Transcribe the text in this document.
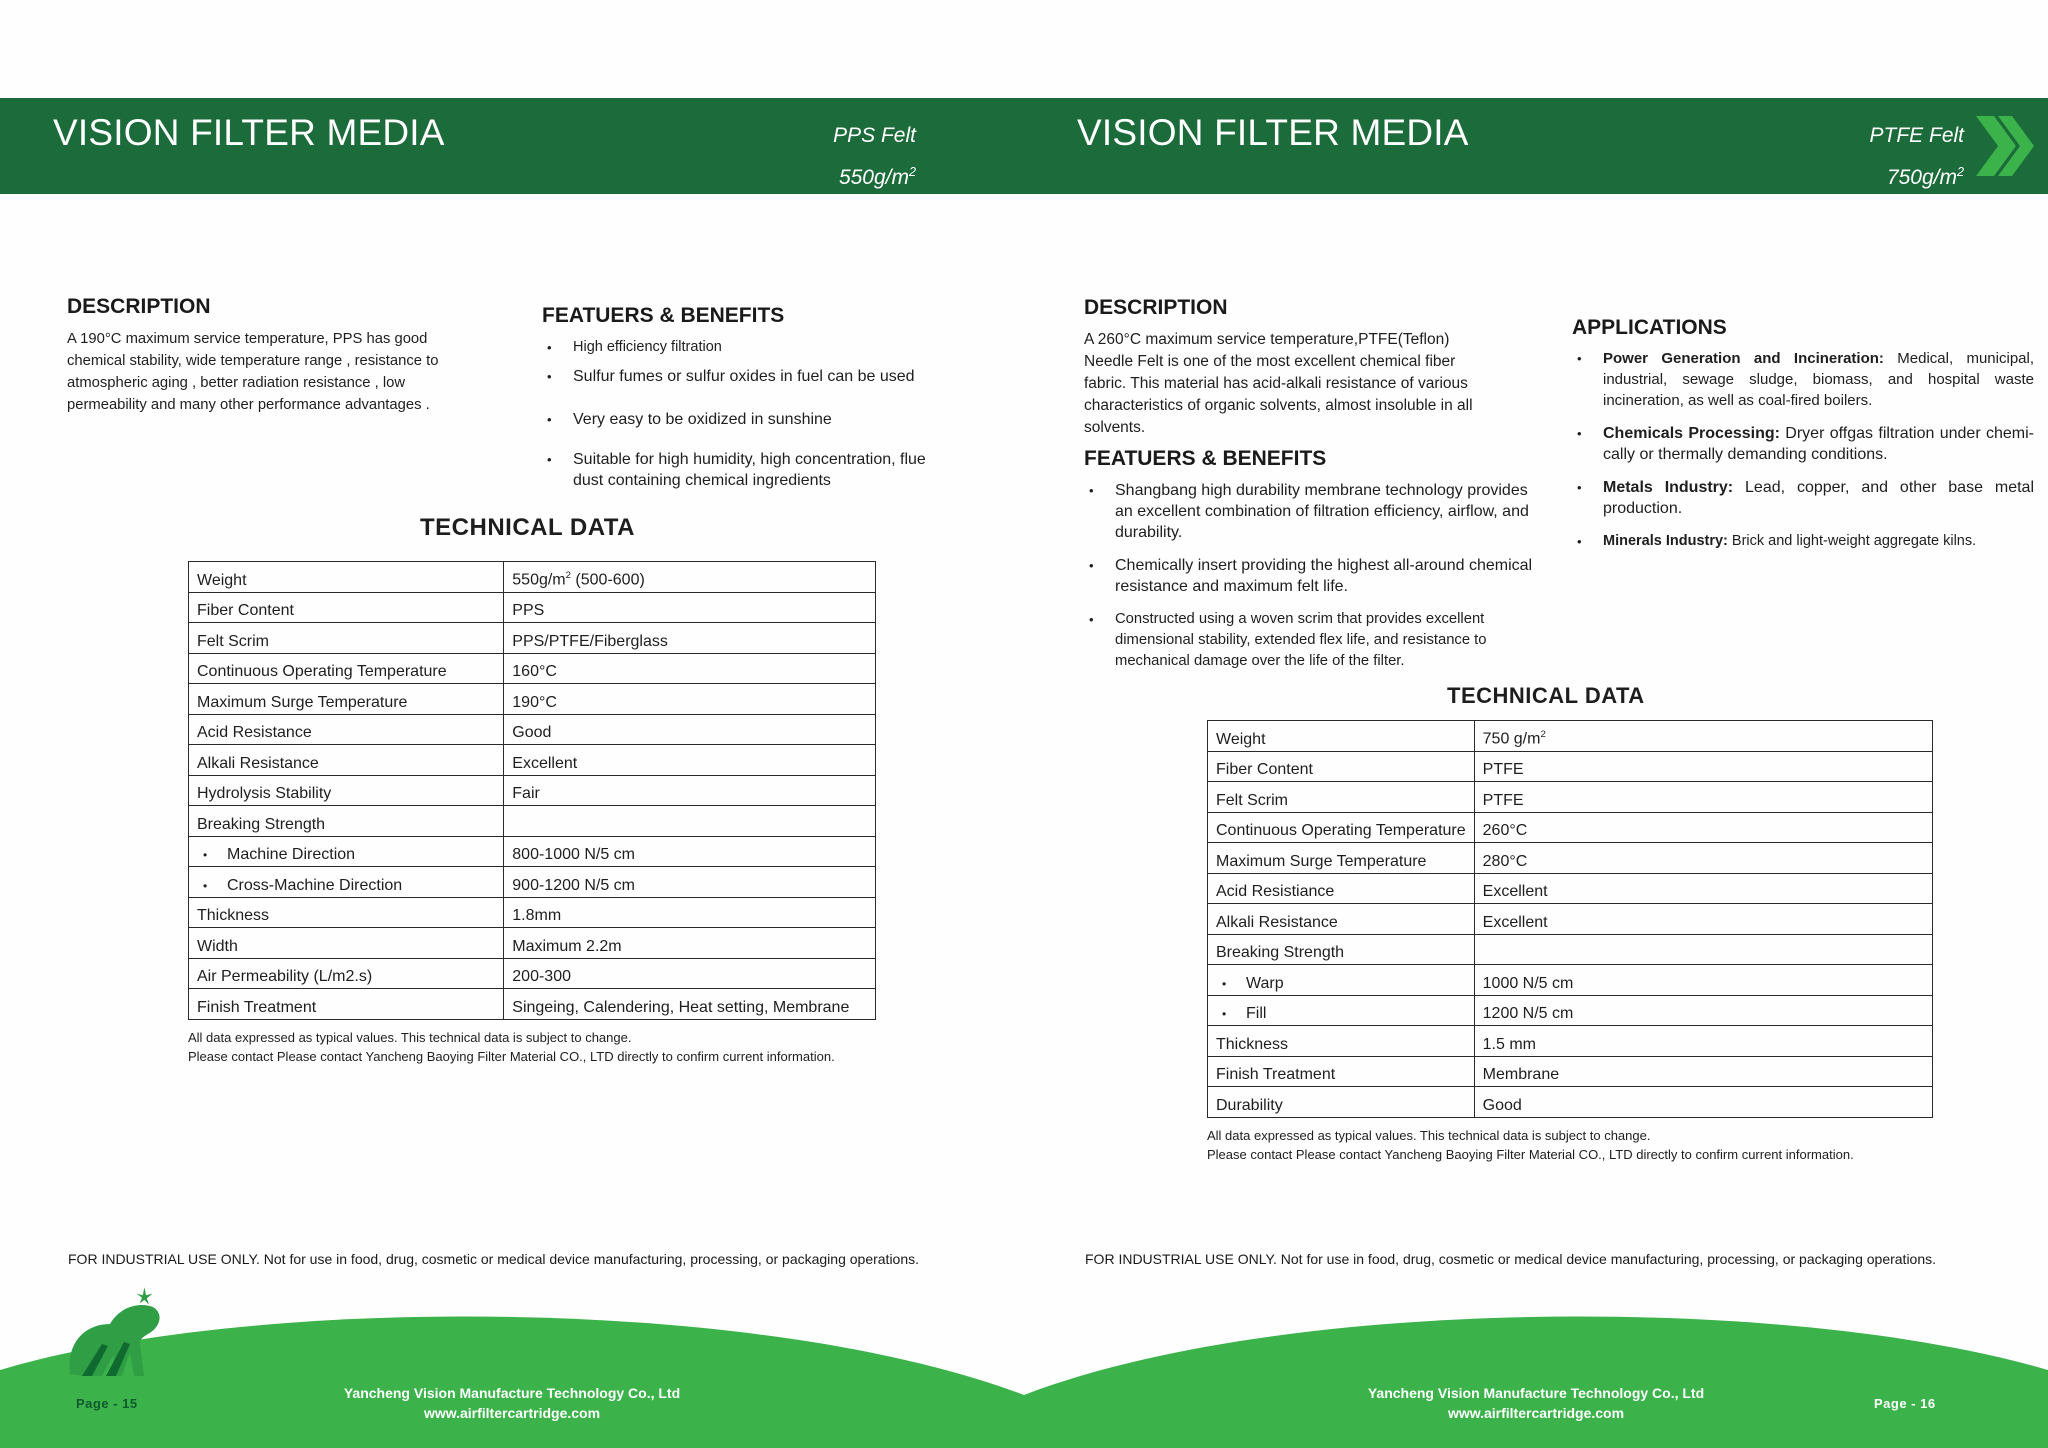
VISION FILTER MEDIA	PPS Felt
$550g/m^2$
DESCRIPTION
A 190°C maximum service temperature, PPS has good
chemical stability, wide temperature range , resistance to
atmospheric aging , better radiation resistance , low
permeability and many other performance advantages .
FEATUERS & BENEFITS
• High efficiency filtration
• Sulfur fumes or sulfur oxides in fuel can be used
• Very easy to be oxidized in sunshine
• Suitable for high humidity, high concentration, flue dust containing chemical ingredients
TECHNICAL DATA
Weight	$550g/m^2$ (500-600)
Fiber Content	PPS
Felt Scrim	PPS/PTFE/Fiberglass
Continuous Operating Temperature	160°C
Maximum Surge Temperature	190°C
Acid Resistance	Good
Alkali Resistance	Excellent
Hydrolysis Stability	Fair
Breaking Strength	
• Machine Direction	800-1000 N/5 cm
• Cross-Machine Direction	900-1200 N/5 cm
Thickness	1.8mm
Width	Maximum 2.2m
Air Permeability (L/m2.s)	200-300
Finish Treatment	Singeing, Calendering, Heat setting, Membrane
All data expressed as typical values. This technical data is subject to change.
Please contact Please contact Yancheng Baoying Filter Material CO., LTD directly to confirm current information.
FOR INDUSTRIAL USE ONLY. Not for use in food, drug, cosmetic or medical device manufacturing, processing, or packaging operations.
Page - 15
Yancheng Vision Manufacture Technology Co., Ltd
www.airfiltercartridge.com
VISION FILTER MEDIA	PTFE Felt
$750g/m^2$
DESCRIPTION
A 260°C maximum service temperature,PTFE(Teflon)
Needle Felt is one of the most excellent chemical fiber
fabric. This material has acid-alkali resistance of various
characteristics of organic solvents, almost insoluble in all
solvents.
FEATUERS & BENEFITS
• Shangbang high durability membrane technology provides an excellent combination of filtration efficiency, airflow, and durability.
• Chemically insert providing the highest all-around chemical resistance and maximum felt life.
• Constructed using a woven scrim that provides excellent dimensional stability, extended flex life, and resistance to mechanical damage over the life of the filter.
APPLICATIONS
• Power Generation and Incineration: Medical, municipal, industrial, sewage sludge, biomass, and hospital waste incineration, as well as coal-fired boilers.
• Chemicals Processing: Dryer offgas filtration under chemi-cally or thermally demanding conditions.
• Metals Industry: Lead, copper, and other base metal production.
• Minerals Industry: Brick and light-weight aggregate kilns.
TECHNICAL DATA
Weight	750 $g/m^2$
Fiber Content	PTFE
Felt Scrim	PTFE
Continuous Operating Temperature	260°C
Maximum Surge Temperature	280°C
Acid Resistiance	Excellent
Alkali Resistance	Excellent
Breaking Strength	
• Warp	1000 N/5 cm
• Fill	1200 N/5 cm
Thickness	1.5 mm
Finish Treatment	Membrane
Durability	Good
All data expressed as typical values. This technical data is subject to change.
Please contact Please contact Yancheng Baoying Filter Material CO., LTD directly to confirm current information.
FOR INDUSTRIAL USE ONLY. Not for use in food, drug, cosmetic or medical device manufacturing, processing, or packaging operations.
Yancheng Vision Manufacture Technology Co., Ltd
www.airfiltercartridge.com
Page - 16
